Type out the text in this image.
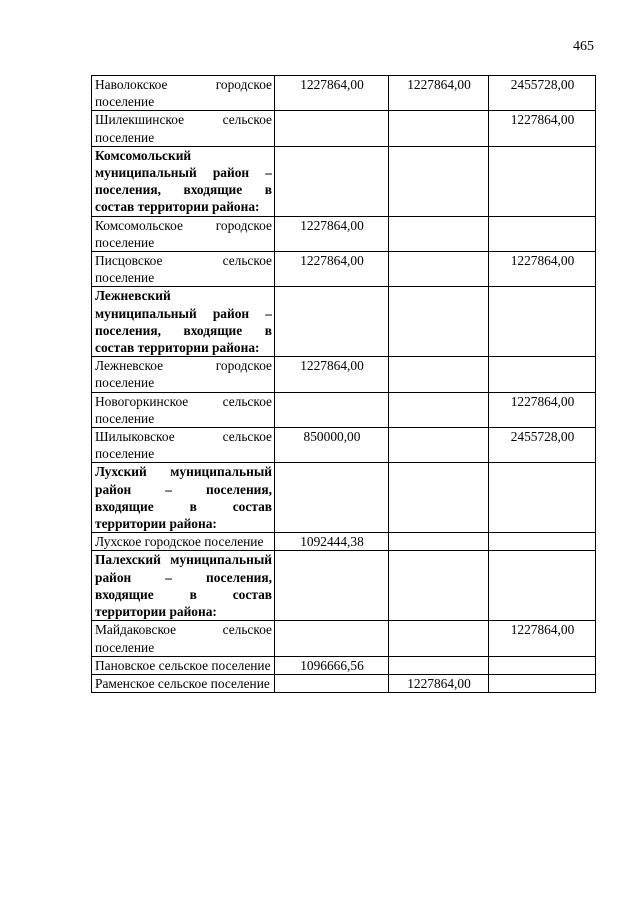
465
Наволокское городское поселение	1227864,00	1227864,00	2455728,00
Шилекшинское сельское поселение			1227864,00
Комсомольский муниципальный район – поселения, входящие в состав территории района:			
Комсомольское городское поселение	1227864,00		
Писцовское сельское поселение	1227864,00		1227864,00
Лежневский муниципальный район – поселения, входящие в состав территории района:			
Лежневское городское поселение	1227864,00		
Новогоркинское сельское поселение			1227864,00
Шилыковское сельское поселение	850000,00		2455728,00
Лухский муниципальный район – поселения, входящие в состав территории района:			
Лухское городское поселение	1092444,38		
Палехский муниципальный район – поселения, входящие в состав территории района:			
Майдаковское сельское поселение			1227864,00
Пановское сельское поселение	1096666,56		
Раменское сельское поселение		1227864,00	
